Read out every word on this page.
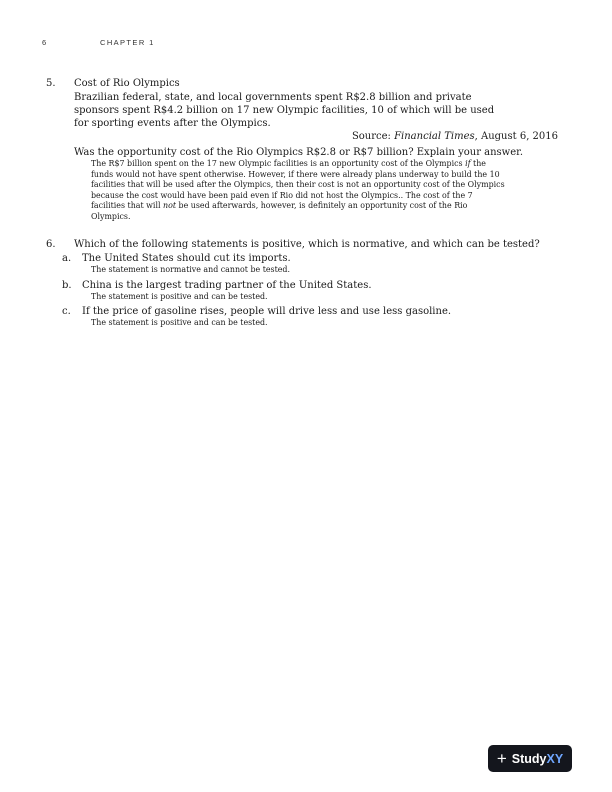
6	CHAPTER 1
5. Cost of Rio Olympics
Brazilian federal, state, and local governments spent R$2.8 billion and private sponsors spent R$4.2 billion on 17 new Olympic facilities, 10 of which will be used for sporting events after the Olympics.
Source: Financial Times, August 6, 2016
Was the opportunity cost of the Rio Olympics R$2.8 or R$7 billion? Explain your answer.
The R$7 billion spent on the 17 new Olympic facilities is an opportunity cost of the Olympics if the funds would not have spent otherwise. However, if there were already plans underway to build the 10 facilities that will be used after the Olympics, then their cost is not an opportunity cost of the Olympics because the cost would have been paid even if Rio did not host the Olympics.. The cost of the 7 facilities that will not be used afterwards, however, is definitely an opportunity cost of the Rio Olympics.
6. Which of the following statements is positive, which is normative, and which can be tested?
a. The United States should cut its imports.
The statement is normative and cannot be tested.
b. China is the largest trading partner of the United States.
The statement is positive and can be tested.
c. If the price of gasoline rises, people will drive less and use less gasoline.
The statement is positive and can be tested.
+ Study XY
